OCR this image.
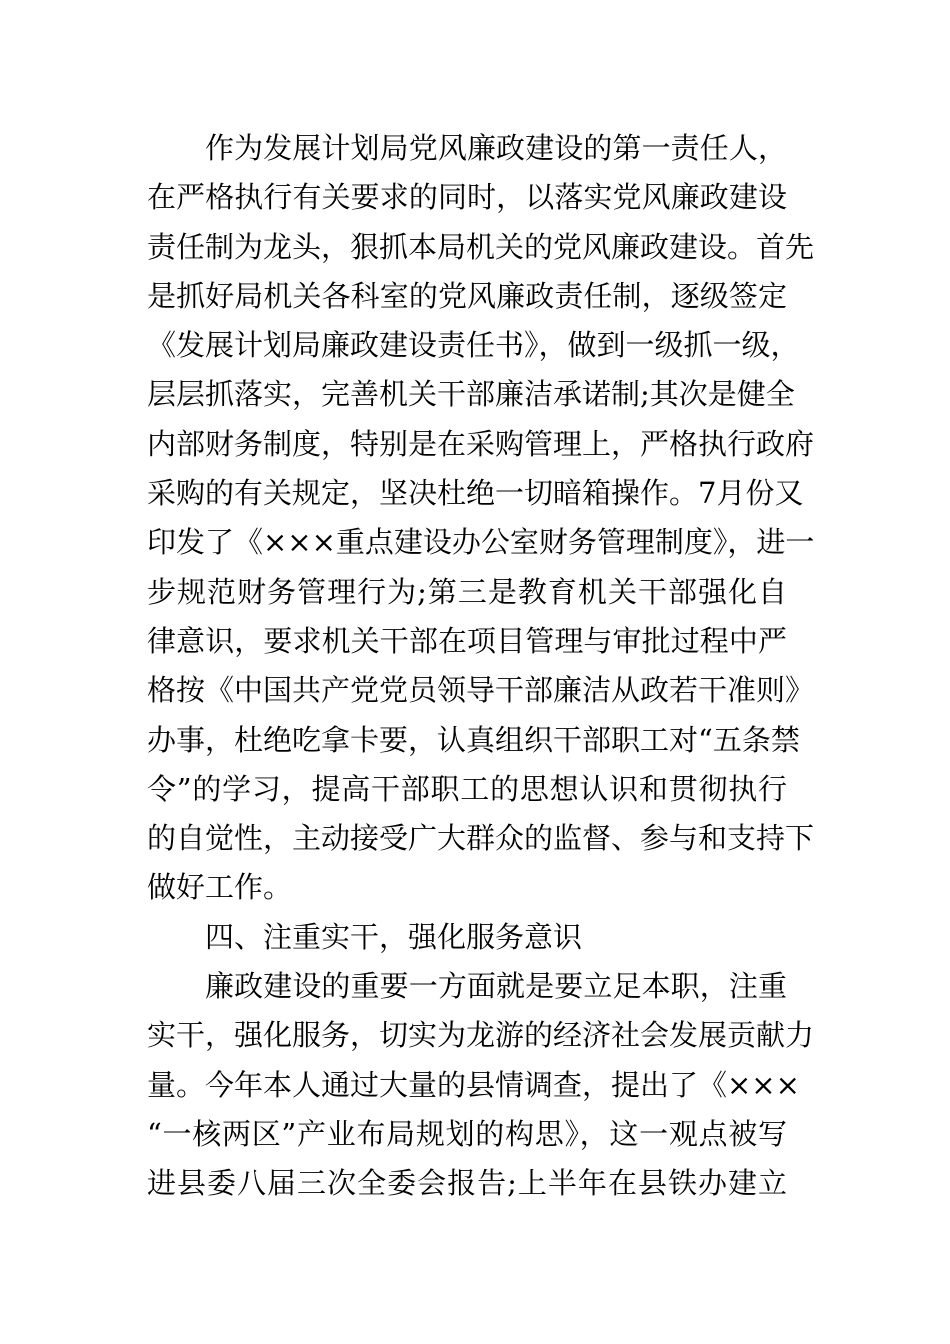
作为发展计划局党风廉政建设的第一责任人，
在严格执行有关要求的同时，以落实党风廉政建设
责任制为龙头，狠抓本局机关的党风廉政建设。首先
是抓好局机关各科室的党风廉政责任制，逐级签定
《发展计划局廉政建设责任书》，做到一级抓一级，
层层抓落实，完善机关干部廉洁承诺制;其次是健全
内部财务制度，特别是在采购管理上，严格执行政府
采购的有关规定，坚决杜绝一切暗箱操作。7月份又
印发了《×××重点建设办公室财务管理制度》，进一
步规范财务管理行为;第三是教育机关干部强化自
律意识，要求机关干部在项目管理与审批过程中严
格按《中国共产党党员领导干部廉洁从政若干准则》
办事，杜绝吃拿卡要，认真组织干部职工对“五条禁
令”的学习，提高干部职工的思想认识和贯彻执行
的自觉性，主动接受广大群众的监督、参与和支持下
做好工作。
四、注重实干，强化服务意识
廉政建设的重要一方面就是要立足本职，注重
实干，强化服务，切实为龙游的经济社会发展贡献力
量。今年本人通过大量的县情调查，提出了《×××
“一核两区”产业布局规划的构思》，这一观点被写
进县委八届三次全委会报告;上半年在县铁办建立
